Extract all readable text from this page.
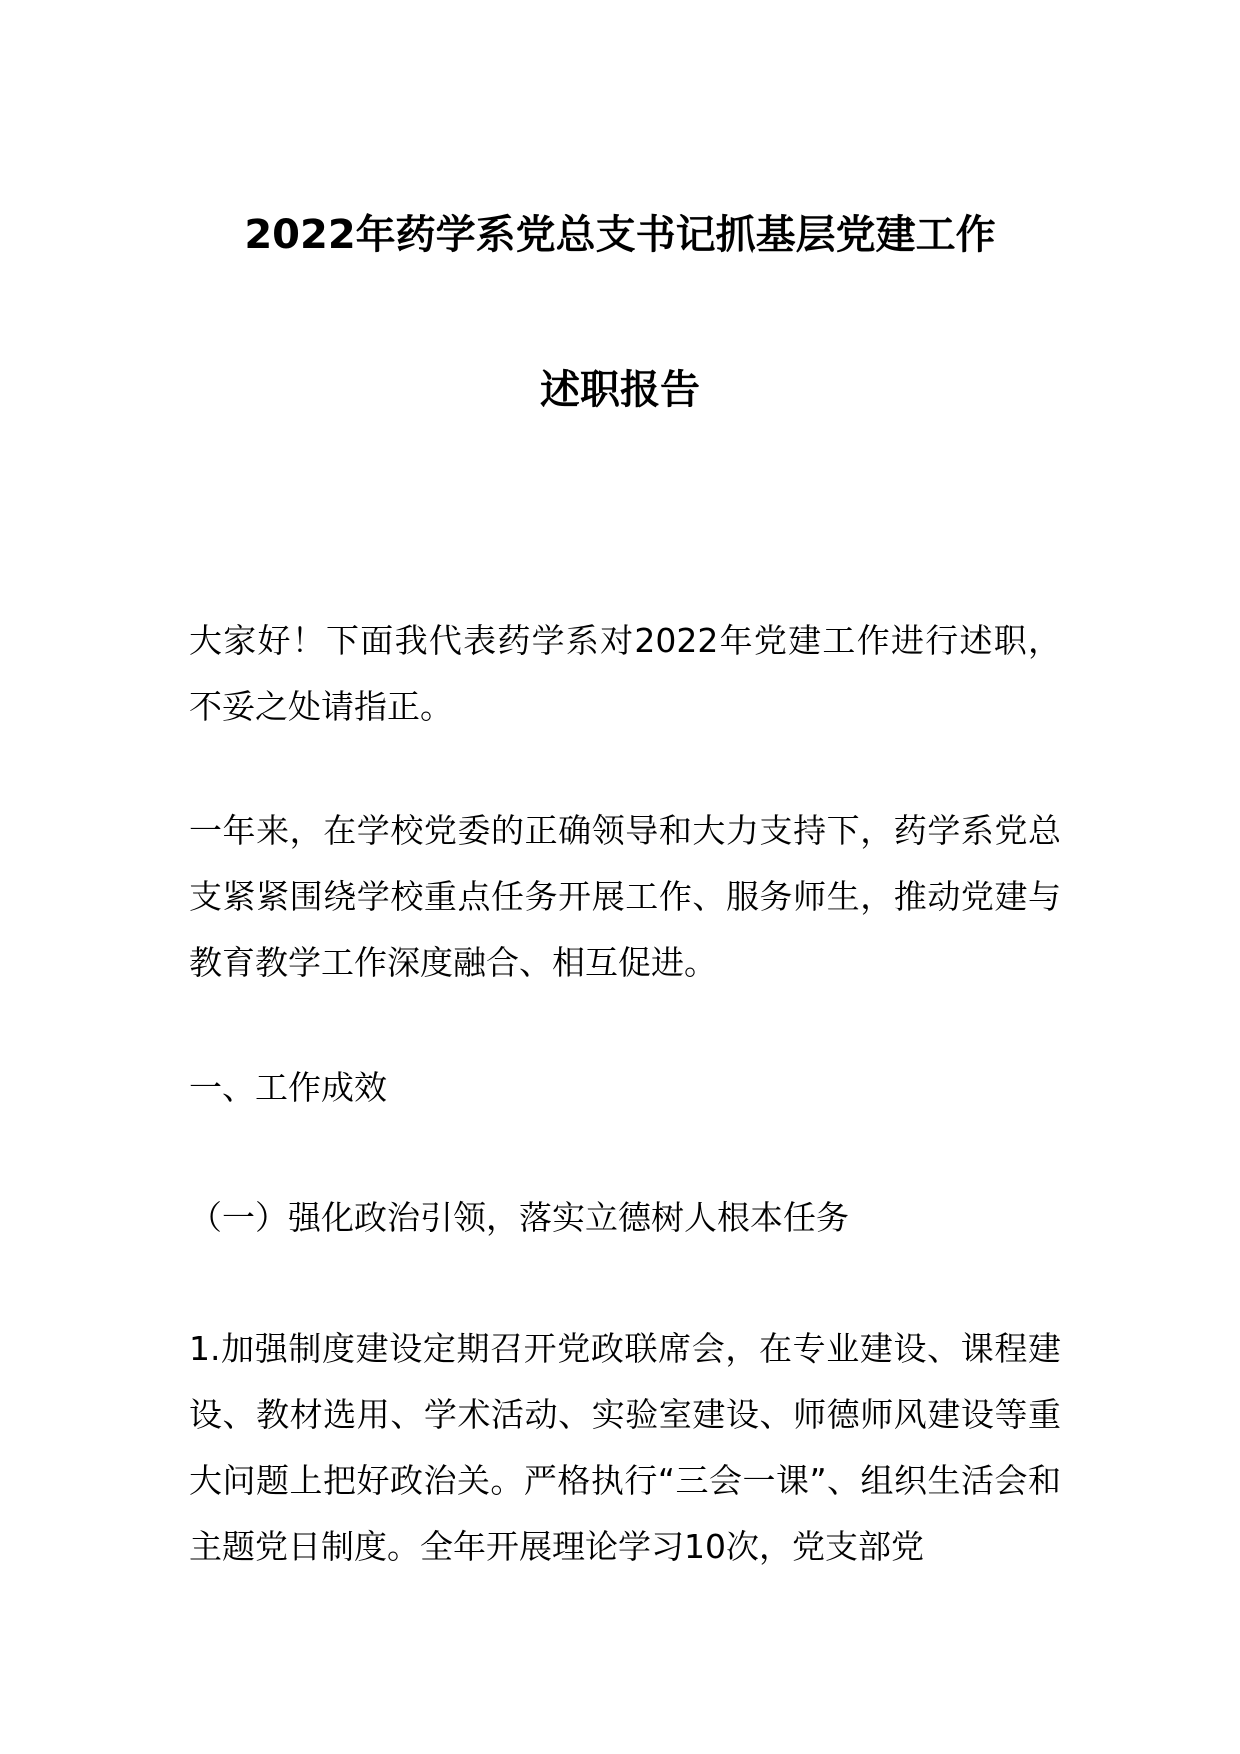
2022年药学系党总支书记抓基层党建工作
述职报告

大家好！下面我代表药学系对2022年党建工作进行述职，不妥之处请指正。

一年来，在学校党委的正确领导和大力支持下，药学系党总支紧紧围绕学校重点任务开展工作、服务师生，推动党建与教育教学工作深度融合、相互促进。

一、工作成效

（一）强化政治引领，落实立德树人根本任务

1.加强制度建设定期召开党政联席会，在专业建设、课程建设、教材选用、学术活动、实验室建设、师德师风建设等重大问题上把好政治关。严格执行“三会一课”、组织生活会和主题党日制度。全年开展理论学习10次，党支部党
